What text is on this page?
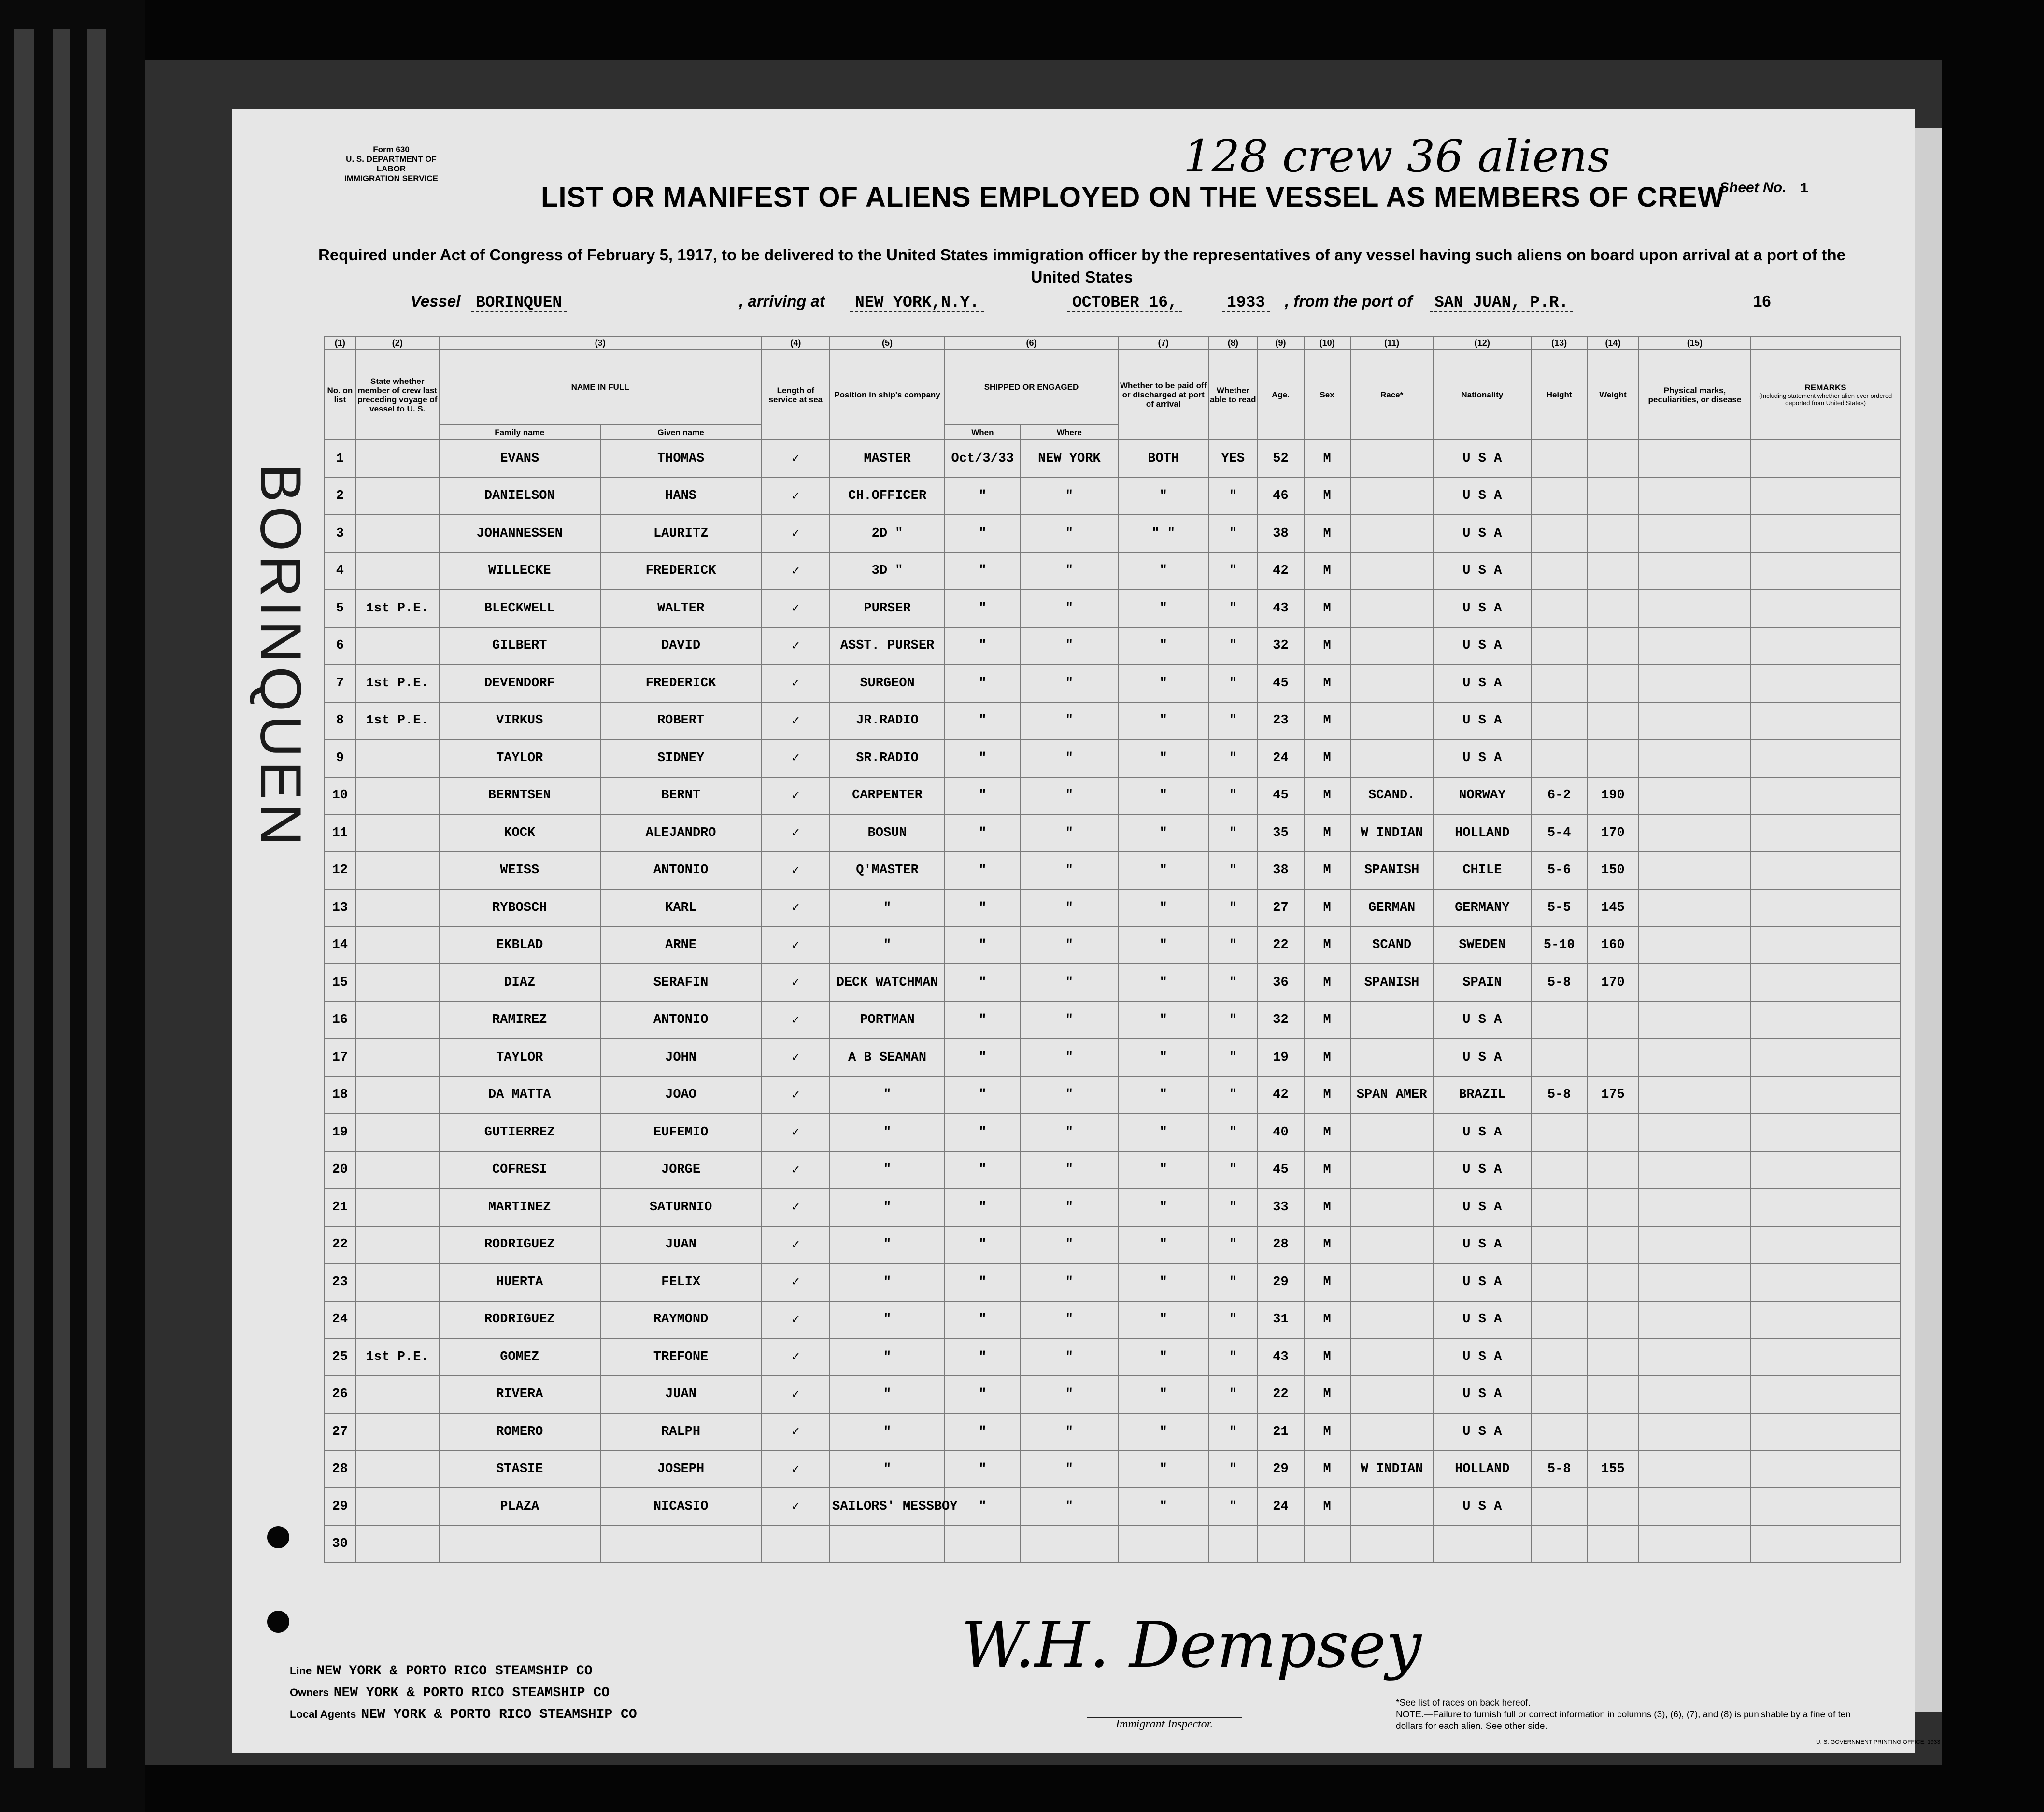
BORINQUEN
Form 630
U. S. DEPARTMENT OF LABOR
IMMIGRATION SERVICE	128 crew 36 aliens
Sheet No. 1
LIST OR MANIFEST OF ALIENS EMPLOYED ON THE VESSEL AS MEMBERS OF CREW
Required under Act of Congress of February 5, 1917, to be delivered to the United States immigration officer by the representatives of any vessel having such aliens on board upon arrival at a port of the United States
Vessel BORINQUEN	, arriving at	NEW YORK,N.Y.	OCTOBER 16,	1933	, from the port of	SAN JUAN, P.R.	16
(1)	(2)	(3)		(4)	(5)	(6)		(7)	(8)	(9)	(10)	(11)	(12)	(13)	(14)	(15)	
No. on list	State whether member of crew last preceding voyage of vessel to U. S.	NAME IN FULL		Length of service at sea	Position in ship's company	SHIPPED OR ENGAGED		Whether to be paid off or discharged at port of arrival	Whether able to read	Age.	Sex	Race*	Nationality	Height	Weight	Physical marks, peculiarities, or disease	REMARKS
(Including statement whether alien ever ordered deported from United States)

		Family name	Given name			When	Where										
1		EVANS	THOMAS	✓	MASTER	Oct/3/33	NEW YORK	BOTH	YES	52	M		U S A				
2		DANIELSON	HANS	✓	CH.OFFICER	"	"	"	"	46	M		U S A				
3		JOHANNESSEN	LAURITZ	✓	2D "	"	"	" "	"	38	M		U S A				
4		WILLECKE	FREDERICK	✓	3D "	"	"	"	"	42	M		U S A				
5	1st P.E.	BLECKWELL	WALTER	✓	PURSER	"	"	"	"	43	M		U S A				
6		GILBERT	DAVID	✓	ASST. PURSER	"	"	"	"	32	M		U S A				
7	1st P.E.	DEVENDORF	FREDERICK	✓	SURGEON	"	"	"	"	45	M		U S A				
8	1st P.E.	VIRKUS	ROBERT	✓	JR.RADIO	"	"	"	"	23	M		U S A				
9		TAYLOR	SIDNEY	✓	SR.RADIO	"	"	"	"	24	M		U S A				
10		BERNTSEN	BERNT	✓	CARPENTER	"	"	"	"	45	M	SCAND.	NORWAY	6-2	190		
11		KOCK	ALEJANDRO	✓	BOSUN	"	"	"	"	35	M	W INDIAN	HOLLAND	5-4	170		
12		WEISS	ANTONIO	✓	Q'MASTER	"	"	"	"	38	M	SPANISH	CHILE	5-6	150		
13		RYBOSCH	KARL	✓	"	"	"	"	"	27	M	GERMAN	GERMANY	5-5	145		
14		EKBLAD	ARNE	✓	"	"	"	"	"	22	M	SCAND	SWEDEN	5-10	160		
15		DIAZ	SERAFIN	✓	DECK WATCHMAN	"	"	"	"	36	M	SPANISH	SPAIN	5-8	170		
16		RAMIREZ	ANTONIO	✓	PORTMAN	"	"	"	"	32	M		U S A				
17		TAYLOR	JOHN	✓	A B SEAMAN	"	"	"	"	19	M		U S A				
18		DA MATTA	JOAO	✓	"	"	"	"	"	42	M	SPAN AMER	BRAZIL	5-8	175		
19		GUTIERREZ	EUFEMIO	✓	"	"	"	"	"	40	M		U S A				
20		COFRESI	JORGE	✓	"	"	"	"	"	45	M		U S A				
21		MARTINEZ	SATURNIO	✓	"	"	"	"	"	33	M		U S A				
22		RODRIGUEZ	JUAN	✓	"	"	"	"	"	28	M		U S A				
23		HUERTA	FELIX	✓	"	"	"	"	"	29	M		U S A				
24		RODRIGUEZ	RAYMOND	✓	"	"	"	"	"	31	M		U S A				
25	1st P.E.	GOMEZ	TREFONE	✓	"	"	"	"	"	43	M		U S A				
26		RIVERA	JUAN	✓	"	"	"	"	"	22	M		U S A				
27		ROMERO	RALPH	✓	"	"	"	"	"	21	M		U S A				
28		STASIE	JOSEPH	✓	"	"	"	"	"	29	M	W INDIAN	HOLLAND	5-8	155		
29		PLAZA	NICASIO	✓	SAILORS' MESSBOY	"	"	"	"	24	M		U S A				
30																	
Line NEW YORK & PORTO RICO STEAMSHIP CO
Owners NEW YORK & PORTO RICO STEAMSHIP CO
Local Agents NEW YORK & PORTO RICO STEAMSHIP CO
W.H. Dempsey
Immigrant Inspector.
*See list of races on back hereof.
NOTE.—Failure to furnish full or correct information in columns (3), (6), (7), and (8) is punishable by a fine of ten dollars for each alien. See other side.
U. S. GOVERNMENT PRINTING OFFICE: 1933
